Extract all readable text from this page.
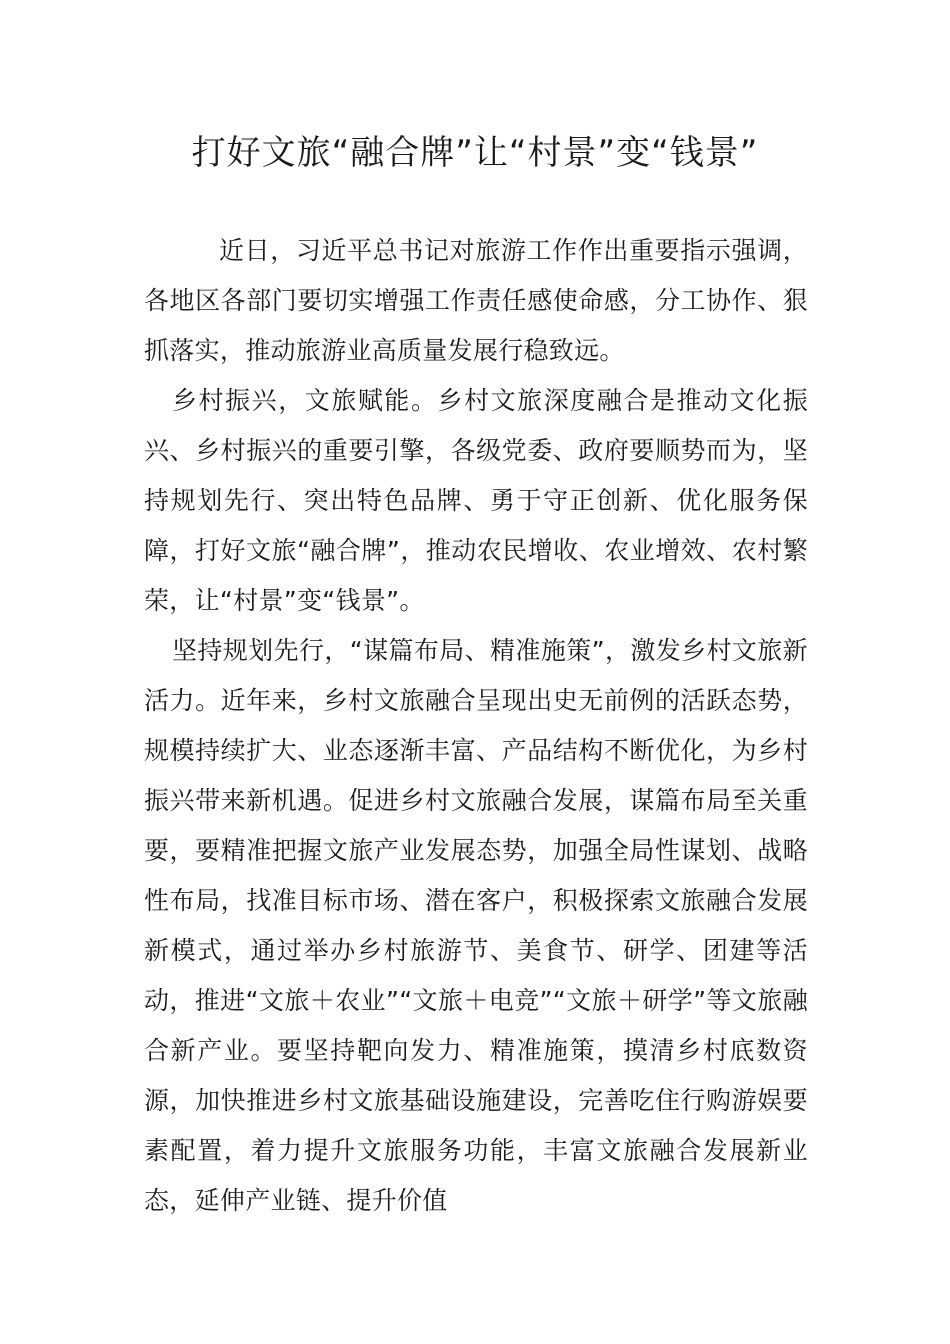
打好文旅“融合牌”让“村景”变“钱景”

近日，习近平总书记对旅游工作作出重要指示强调，各地区各部门要切实增强工作责任感使命感，分工协作、狠抓落实，推动旅游业高质量发展行稳致远。

乡村振兴，文旅赋能。乡村文旅深度融合是推动文化振兴、乡村振兴的重要引擎，各级党委、政府要顺势而为，坚持规划先行、突出特色品牌、勇于守正创新、优化服务保障，打好文旅“融合牌”，推动农民增收、农业增效、农村繁荣，让“村景”变“钱景”。

坚持规划先行，“谋篇布局、精准施策”，激发乡村文旅新活力。近年来，乡村文旅融合呈现出史无前例的活跃态势，规模持续扩大、业态逐渐丰富、产品结构不断优化，为乡村振兴带来新机遇。促进乡村文旅融合发展，谋篇布局至关重要，要精准把握文旅产业发展态势，加强全局性谋划、战略性布局，找准目标市场、潜在客户，积极探索文旅融合发展新模式，通过举办乡村旅游节、美食节、研学、团建等活动，推进“文旅＋农业”“文旅＋电竞”“文旅＋研学”等文旅融合新产业。要坚持靶向发力、精准施策，摸清乡村底数资源，加快推进乡村文旅基础设施建设，完善吃住行购游娱要素配置，着力提升文旅服务功能，丰富文旅融合发展新业态，延伸产业链、提升价值
